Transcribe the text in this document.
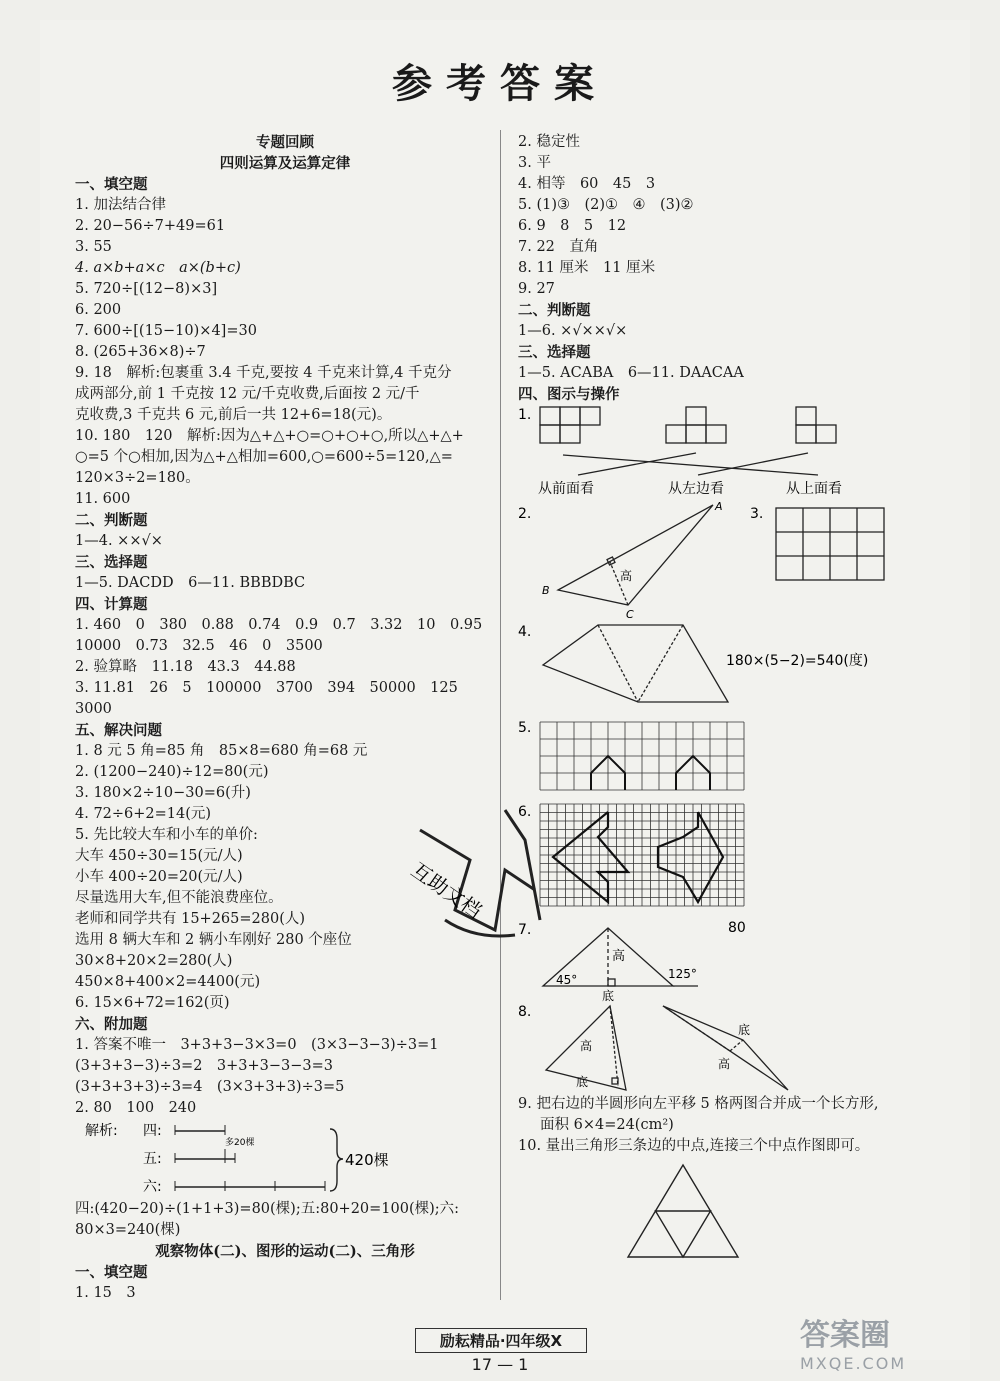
参考答案
专题回顾
四则运算及运算定律
一、填空题
1. 加法结合律
2. 20−56÷7+49=61
3. 55
4. a×b+a×c　a×(b+c)
5. 720÷[(12−8)×3]
6. 200
7. 600÷[(15−10)×4]=30
8. (265+36×8)÷7
9. 18　解析:包裹重 3.4 千克,要按 4 千克来计算,4 千克分
成两部分,前 1 千克按 12 元/千克收费,后面按 2 元/千
克收费,3 千克共 6 元,前后一共 12+6=18(元)。
10. 180　120　解析:因为△+△+○=○+○+○,所以△+△+
○=5 个○相加,因为△+△相加=600,○=600÷5=120,△=
120×3÷2=180。
11. 600
二、判断题
1—4. ××√×
三、选择题
1—5. DACDD　6—11. BBBDBC
四、计算题
1. 460　0　380　0.88　0.74　0.9　0.7　3.32　10　0.95
10000　0.73　32.5　46　0　3500
2. 验算略　11.18　43.3　44.88
3. 11.81　26　5　100000　3700　394　50000　125
3000
五、解决问题
1. 8 元 5 角=85 角　85×8=680 角=68 元
2. (1200−240)÷12=80(元)
3. 180×2÷10−30=6(升)
4. 72÷6+2=14(元)
5. 先比较大车和小车的单价:
大车 450÷30=15(元/人)
小车 400÷20=20(元/人)
尽量选用大车,但不能浪费座位。
老师和同学共有 15+265=280(人)
选用 8 辆大车和 2 辆小车刚好 280 个座位
30×8+20×2=280(人)
450×8+400×2=4400(元)
6. 15×6+72=162(页)
六、附加题
1. 答案不唯一　3+3+3−3×3=0　(3×3−3−3)÷3=1
(3+3+3−3)÷3=2　3+3+3−3−3=3
(3+3+3+3)÷3=4　(3×3+3+3)÷3=5
2. 80　100　240
解析: 四:
多20棵
五:
六:
420棵
四:(420−20)÷(1+1+3)=80(棵);五:80+20=100(棵);六:
80×3=240(棵)
观察物体(二)、图形的运动(二)、三角形
一、填空题
1. 15　3
2. 稳定性
3. 平
4. 相等　60　45　3
5. (1)③　(2)①　④　(3)②
6. 9　8　5　12
7. 22　直角
8. 11 厘米　11 厘米
9. 27
二、判断题
1—6. ×√××√×
三、选择题
1—5. ACABA　6—11. DAACAA
四、图示与操作
1.
从前面看	从左边看	从上面看
2.	A
B
C
高
3.
4.
180×(5−2)=540(度)
5.
6.
7.
45°	125°
高
底
80
8.
高
底
高
底
9. 把右边的半圆形向左平移 5 格两图合并成一个长方形,
面积 6×4=24(cm²)
10. 量出三角形三条边的中点,连接三个中点作图即可。
互助文档
励耘精品·四年级X
17 — 1
答案圈
MXQE.COM
